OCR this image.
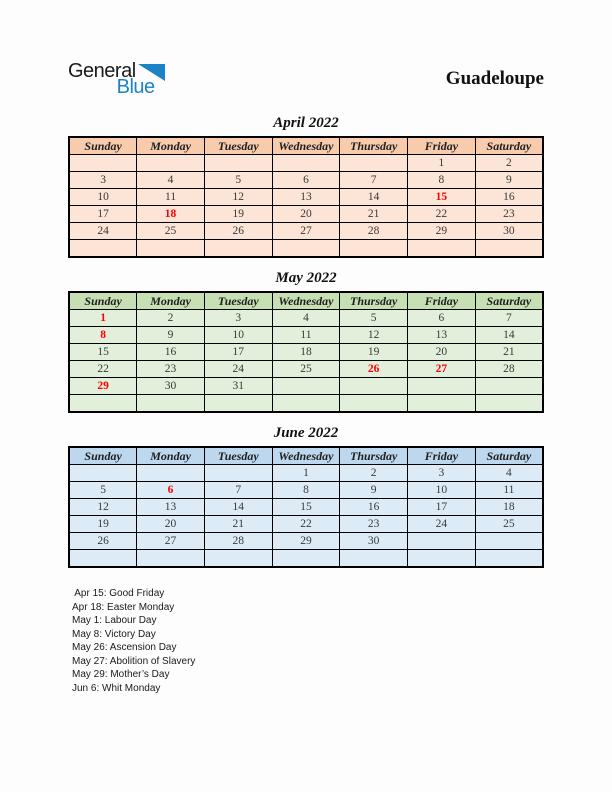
General
Blue	Guadeloupe
April 2022
Sunday	Monday	Tuesday	Wednesday	Thursday	Friday	Saturday
					1	2
3	4	5	6	7	8	9
10	11	12	13	14	15	16
17	18	19	20	21	22	23
24	25	26	27	28	29	30

May 2022
Sunday	Monday	Tuesday	Wednesday	Thursday	Friday	Saturday
1	2	3	4	5	6	7
8	9	10	11	12	13	14
15	16	17	18	19	20	21
22	23	24	25	26	27	28
29	30	31				

June 2022
Sunday	Monday	Tuesday	Wednesday	Thursday	Friday	Saturday
			1	2	3	4
5	6	7	8	9	10	11
12	13	14	15	16	17	18
19	20	21	22	23	24	25
26	27	28	29	30		

Apr 15: Good Friday
Apr 18: Easter Monday
May 1: Labour Day
May 8: Victory Day
May 26: Ascension Day
May 27: Abolition of Slavery
May 29: Mother’s Day
Jun 6: Whit Monday
